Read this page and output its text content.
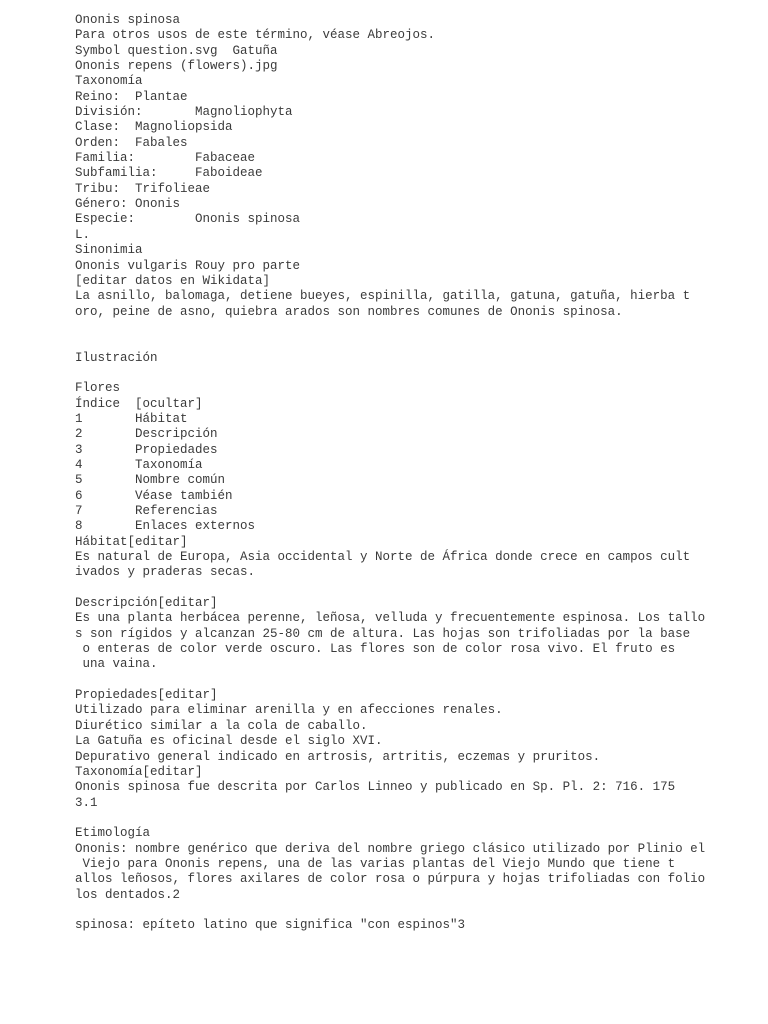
Ononis spinosa
Para otros usos de este término, véase Abreojos.
Symbol question.svg  Gatuña
Ononis repens (flowers).jpg
Taxonomía
Reino:  Plantae
División:       Magnoliophyta
Clase:  Magnoliopsida
Orden:  Fabales
Familia:        Fabaceae
Subfamilia:     Faboideae
Tribu:  Trifolieae
Género: Ononis
Especie:        Ononis spinosa
L.
Sinonimia
Ononis vulgaris Rouy pro parte
[editar datos en Wikidata]
La asnillo, balomaga, detiene bueyes, espinilla, gatilla, gatuna, gatuña, hierba t
oro, peine de asno, quiebra arados son nombres comunes de Ononis spinosa.
Ilustración
Flores
Índice  [ocultar]
1       Hábitat
2       Descripción
3       Propiedades
4       Taxonomía
5       Nombre común
6       Véase también
7       Referencias
8       Enlaces externos
Hábitat[editar]
Es natural de Europa, Asia occidental y Norte de África donde crece en campos cult
ivados y praderas secas.
Descripción[editar]
Es una planta herbácea perenne, leñosa, velluda y frecuentemente espinosa. Los tallo
s son rígidos y alcanzan 25-80 cm de altura. Las hojas son trifoliadas por la base
o enteras de color verde oscuro. Las flores son de color rosa vivo. El fruto es
una vaina.
Propiedades[editar]
Utilizado para eliminar arenilla y en afecciones renales.
Diurético similar a la cola de caballo.
La Gatuña es oficinal desde el siglo XVI.
Depurativo general indicado en artrosis, artritis, eczemas y pruritos.
Taxonomía[editar]
Ononis spinosa fue descrita por Carlos Linneo y publicado en Sp. Pl. 2: 716. 175
3.1
Etimología
Ononis: nombre genérico que deriva del nombre griego clásico utilizado por Plinio el
Viejo para Ononis repens, una de las varias plantas del Viejo Mundo que tiene t
allos leñosos, flores axilares de color rosa o púrpura y hojas trifoliadas con folio
los dentados.2
spinosa: epíteto latino que significa "con espinos"3
